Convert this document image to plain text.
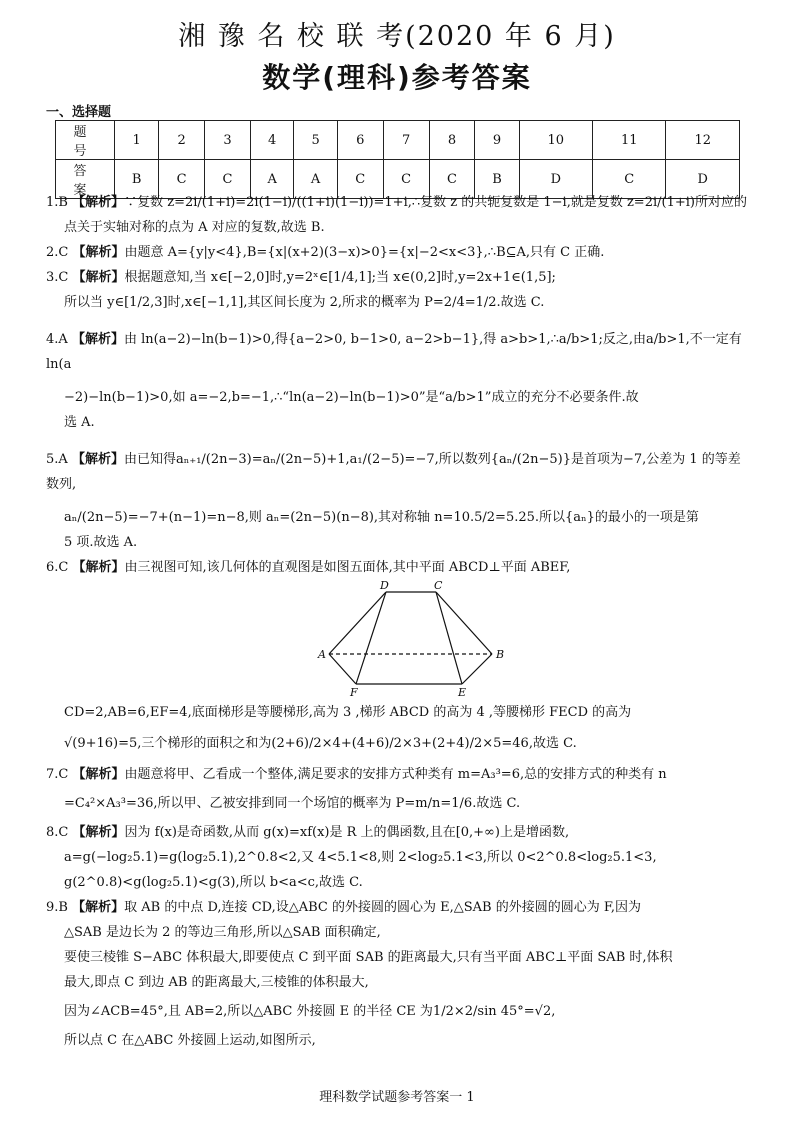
湘 豫 名 校 联 考(2020 年 6 月)
数学(理科)参考答案
一、选择题
题 号	1	2	3	4	5	6	7	8	9	10	11	12
答 案	B	C	C	A	A	C	C	C	B	D	C	D

1.B 【解析】∵复数 z=2i/(1+i)=2i(1−i)/((1+i)(1−i))=1+i,∴复数 z 的共轭复数是 1−i,就是复数 z=2i/(1+i)所对应的

点关于实轴对称的点为 A 对应的复数,故选 B.

2.C 【解析】由题意 A={y|y<4},B={x|(x+2)(3−x)>0}={x|−2<x<3},∴B⊆A,只有 C 正确.

3.C 【解析】根据题意知,当 x∈[−2,0]时,y=2ˣ∈[1/4,1];当 x∈(0,2]时,y=2x+1∈(1,5];

所以当 y∈[1/2,3]时,x∈[−1,1],其区间长度为 2,所求的概率为 P=2/4=1/2.故选 C.

4.A 【解析】由 ln(a−2)−ln(b−1)>0,得{a−2>0, b−1>0, a−2>b−1},得 a>b>1,∴a/b>1;反之,由a/b>1,不一定有 ln(a

−2)−ln(b−1)>0,如 a=−2,b=−1,∴“ln(a−2)−ln(b−1)>0”是“a/b>1”成立的充分不必要条件.故

选 A.

5.A 【解析】由已知得aₙ₊₁/(2n−3)=aₙ/(2n−5)+1,a₁/(2−5)=−7,所以数列{aₙ/(2n−5)}是首项为−7,公差为 1 的等差数列,

aₙ/(2n−5)=−7+(n−1)=n−8,则 aₙ=(2n−5)(n−8),其对称轴 n=10.5/2=5.25.所以{aₙ}的最小的一项是第

5 项.故选 A.

6.C 【解析】由三视图可知,该几何体的直观图是如图五面体,其中平面 ABCD⊥平面 ABEF,

D	C
A	B
F	E

CD=2,AB=6,EF=4,底面梯形是等腰梯形,高为 3 ,梯形 ABCD 的高为 4 ,等腰梯形 FECD 的高为

√(9+16)=5,三个梯形的面积之和为(2+6)/2×4+(4+6)/2×3+(2+4)/2×5=46,故选 C.

7.C 【解析】由题意将甲、乙看成一个整体,满足要求的安排方式种类有 m=A₃³=6,总的安排方式的种类有 n

=C₄²×A₃³=36,所以甲、乙被安排到同一个场馆的概率为 P=m/n=1/6.故选 C.

8.C 【解析】因为 f(x)是奇函数,从而 g(x)=xf(x)是 R 上的偶函数,且在[0,+∞)上是增函数,

a=g(−log₂5.1)=g(log₂5.1),2^0.8<2,又 4<5.1<8,则 2<log₂5.1<3,所以 0<2^0.8<log₂5.1<3,

g(2^0.8)<g(log₂5.1)<g(3),所以 b<a<c,故选 C.

9.B 【解析】取 AB 的中点 D,连接 CD,设△ABC 的外接圆的圆心为 E,△SAB 的外接圆的圆心为 F,因为

△SAB 是边长为 2 的等边三角形,所以△SAB 面积确定,

要使三棱锥 S−ABC 体积最大,即要使点 C 到平面 SAB 的距离最大,只有当平面 ABC⊥平面 SAB 时,体积

最大,即点 C 到边 AB 的距离最大,三棱锥的体积最大,

因为∠ACB=45°,且 AB=2,所以△ABC 外接圆 E 的半径 CE 为1/2×2/sin 45°=√2,

所以点 C 在△ABC 外接圆上运动,如图所示,

理科数学试题参考答案一 1
